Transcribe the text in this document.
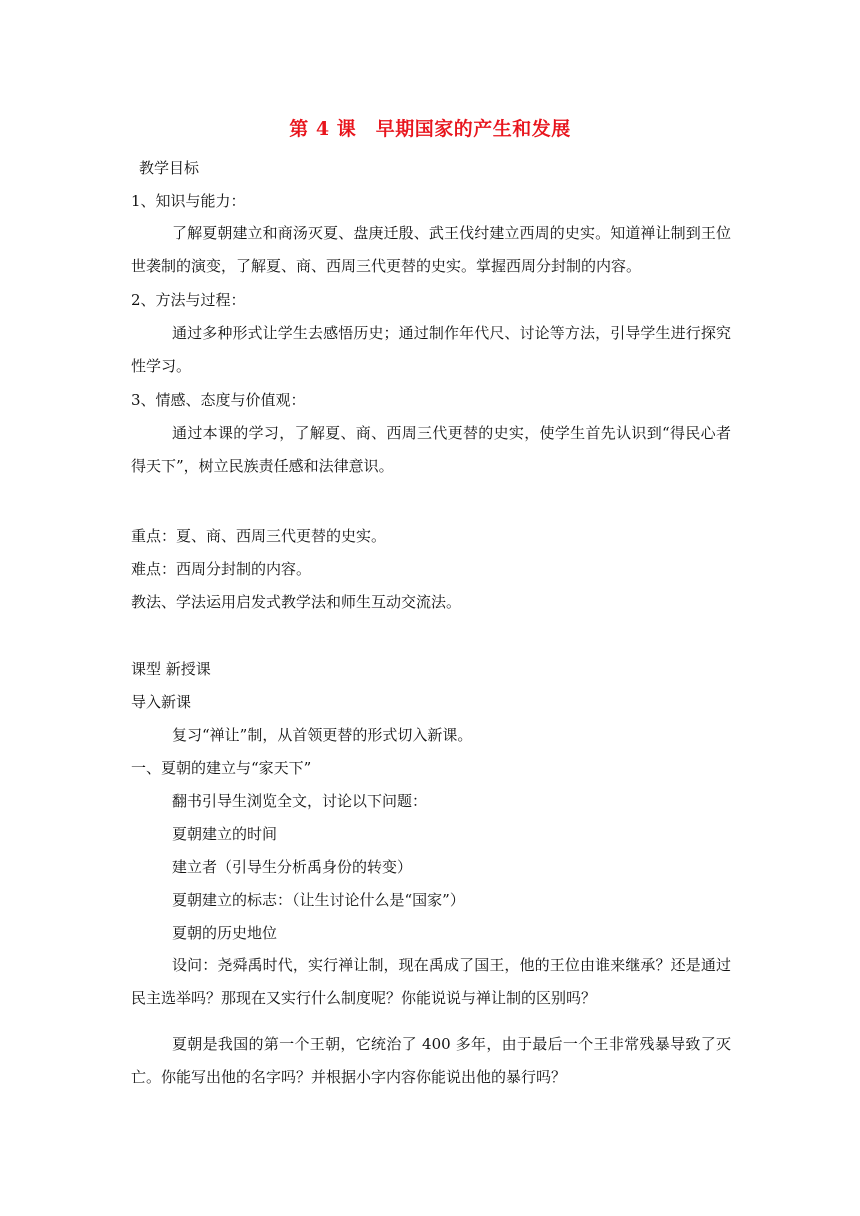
第 4 课　早期国家的产生和发展
教学目标
1、知识与能力：
了解夏朝建立和商汤灭夏、盘庚迁殷、武王伐纣建立西周的史实。知道禅让制到王位世袭制的演变，了解夏、商、西周三代更替的史实。掌握西周分封制的内容。
2、方法与过程：
通过多种形式让学生去感悟历史；通过制作年代尺、讨论等方法，引导学生进行探究性学习。
3、情感、态度与价值观：
通过本课的学习，了解夏、商、西周三代更替的史实，使学生首先认识到“得民心者得天下”，树立民族责任感和法律意识。
重点：夏、商、西周三代更替的史实。
难点：西周分封制的内容。
教法、学法运用启发式教学法和师生互动交流法。
课型 新授课
导入新课
复习“禅让”制，从首领更替的形式切入新课。
一、夏朝的建立与“家天下”
翻书引导生浏览全文，讨论以下问题：
夏朝建立的时间
建立者（引导生分析禹身份的转变）
夏朝建立的标志：（让生讨论什么是“国家”）
夏朝的历史地位
设问：尧舜禹时代，实行禅让制，现在禹成了国王，他的王位由谁来继承？还是通过民主选举吗？那现在又实行什么制度呢？你能说说与禅让制的区别吗？
夏朝是我国的第一个王朝，它统治了 400 多年，由于最后一个王非常残暴导致了灭亡。你能写出他的名字吗？并根据小字内容你能说出他的暴行吗？
